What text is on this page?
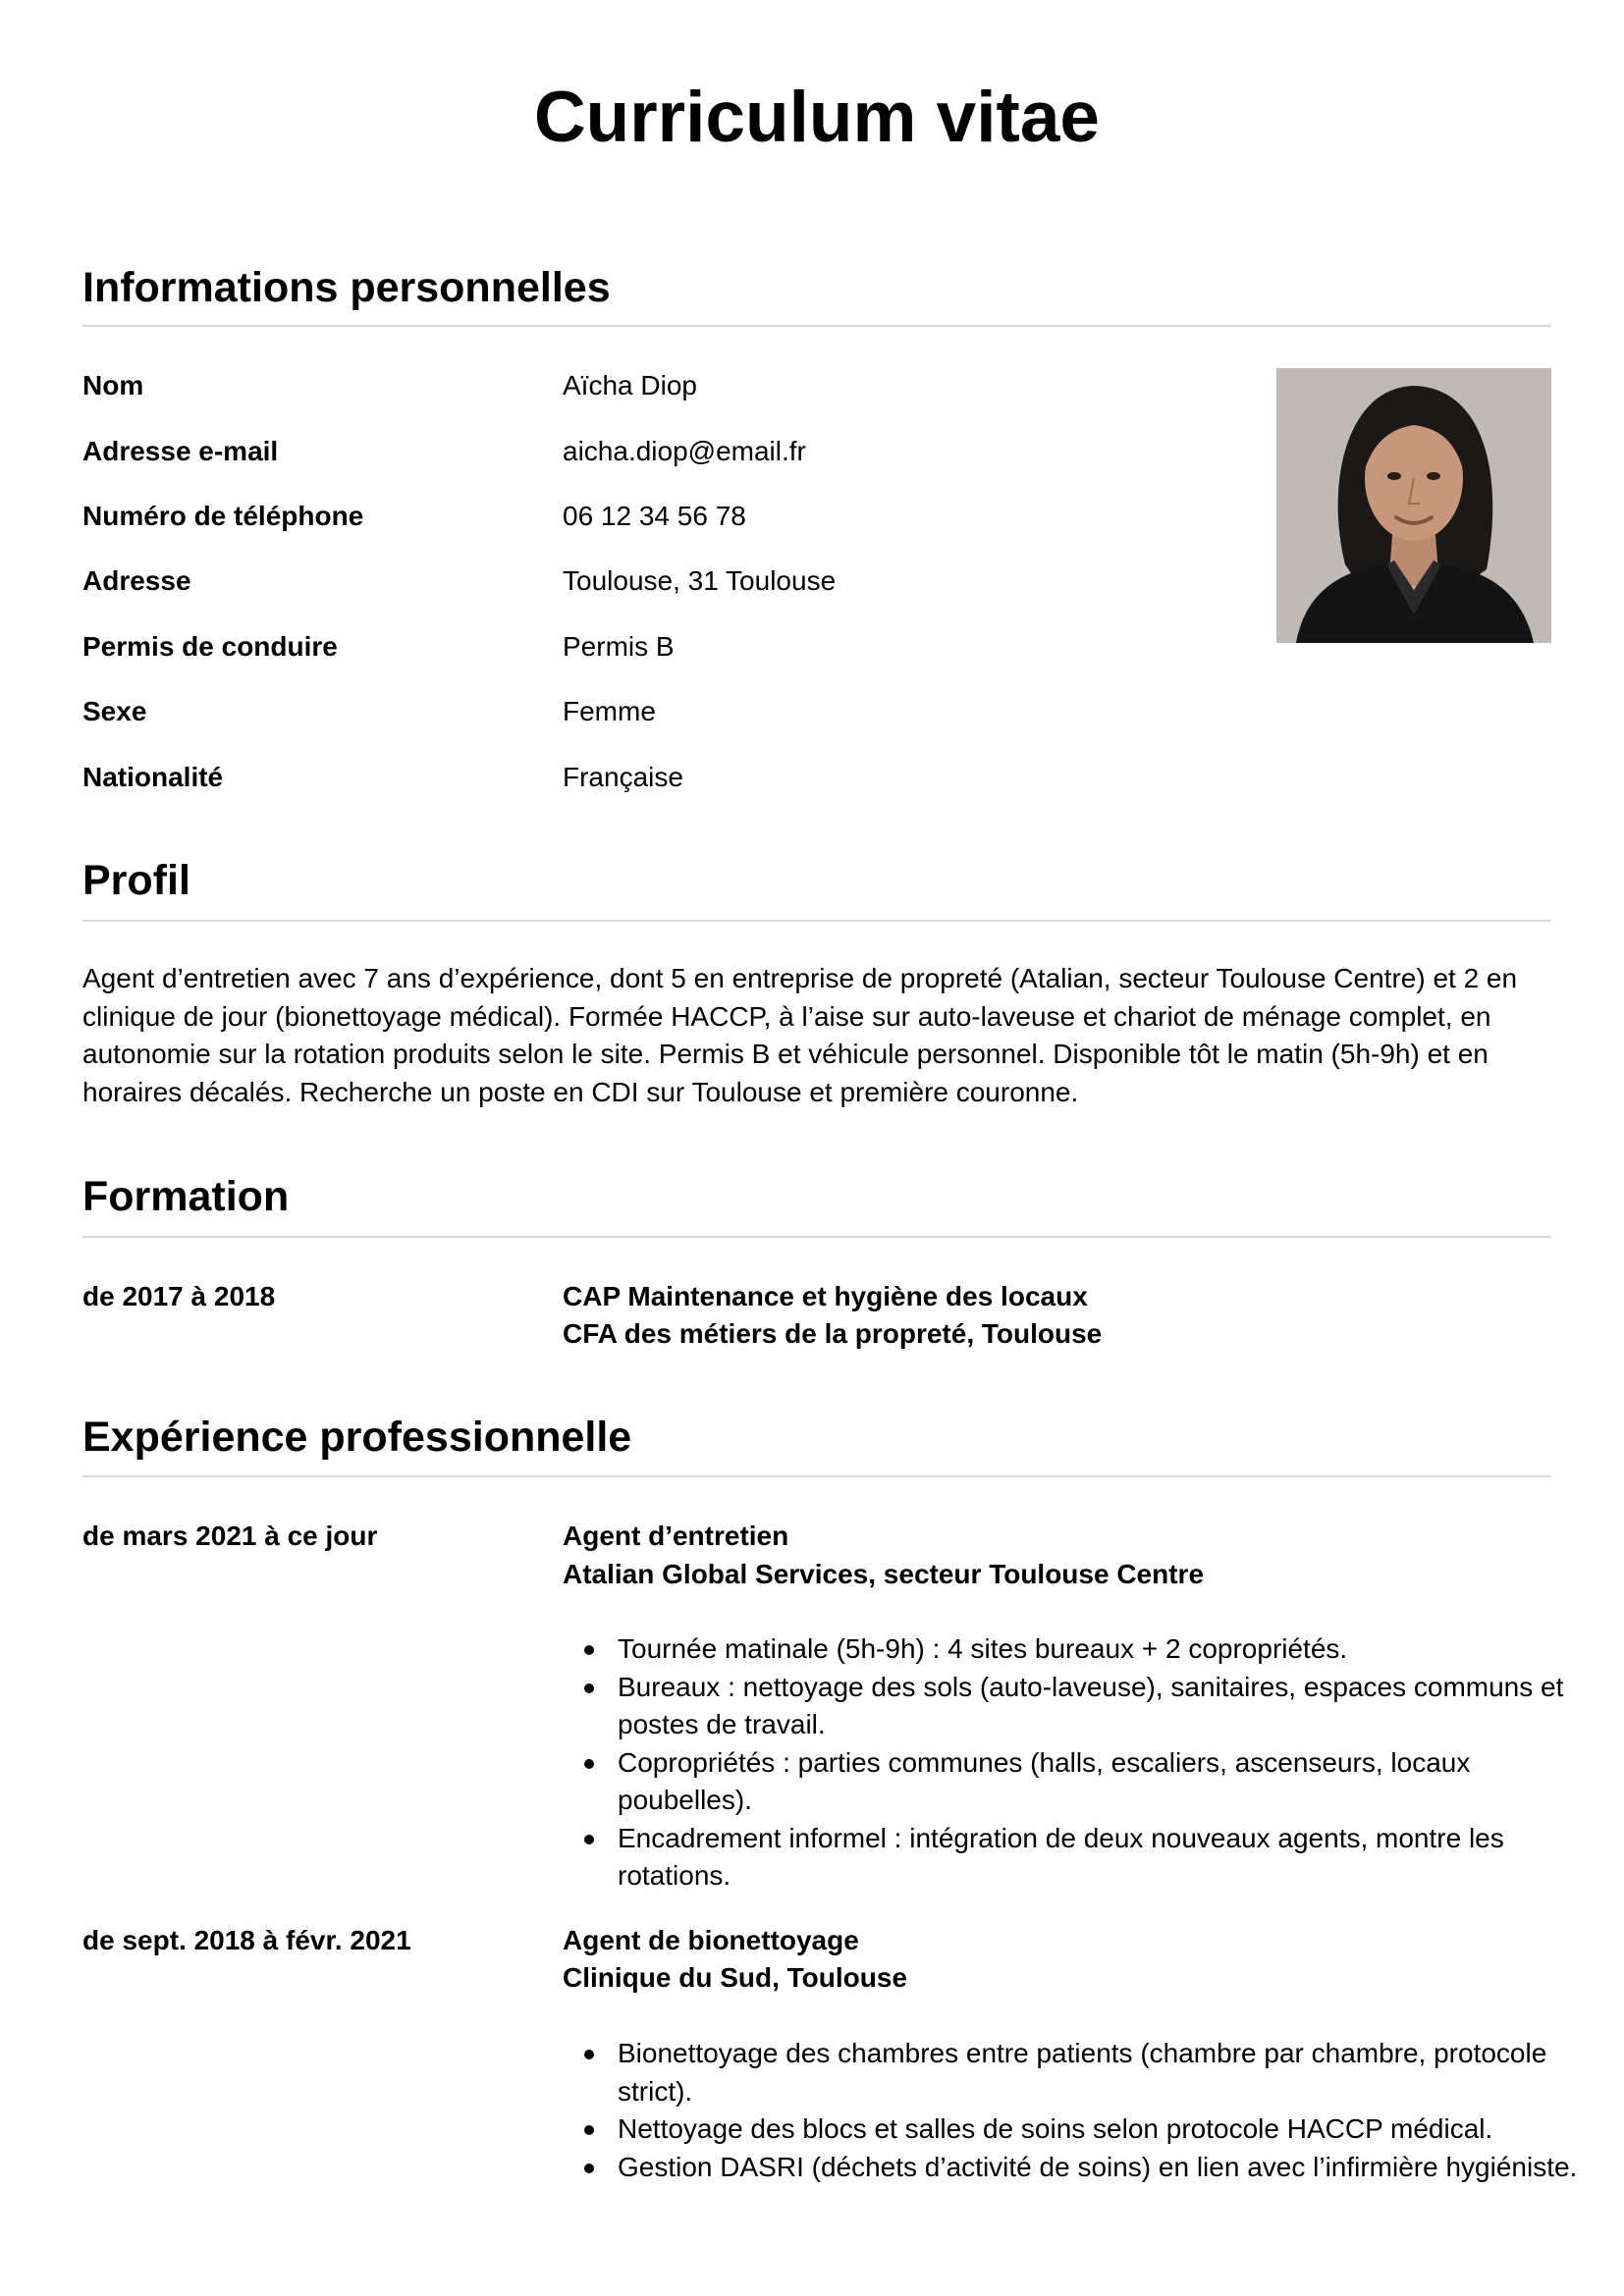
Curriculum vitae
Informations personnelles
Nom	Aïcha Diop
Adresse e-mail	aicha.diop@email.fr
Numéro de téléphone	06 12 34 56 78
Adresse	Toulouse, 31 Toulouse
Permis de conduire	Permis B
Sexe	Femme
Nationalité	Française
Profil
Agent d’entretien avec 7 ans d’expérience, dont 5 en entreprise de propreté (Atalian, secteur Toulouse Centre) et 2 en clinique de jour (bionettoyage médical). Formée HACCP, à l’aise sur auto-laveuse et chariot de ménage complet, en autonomie sur la rotation produits selon le site. Permis B et véhicule personnel. Disponible tôt le matin (5h-9h) et en horaires décalés. Recherche un poste en CDI sur Toulouse et première couronne.
Formation
de 2017 à 2018	CAP Maintenance et hygiène des locaux
CFA des métiers de la propreté, Toulouse
Expérience professionnelle
de mars 2021 à ce jour	Agent d’entretien
Atalian Global Services, secteur Toulouse Centre
Tournée matinale (5h-9h) : 4 sites bureaux + 2 copropriétés.
Bureaux : nettoyage des sols (auto-laveuse), sanitaires, espaces communs et postes de travail.
Copropriétés : parties communes (halls, escaliers, ascenseurs, locaux poubelles).
Encadrement informel : intégration de deux nouveaux agents, montre les rotations.
de sept. 2018 à févr. 2021	Agent de bionettoyage
Clinique du Sud, Toulouse
Bionettoyage des chambres entre patients (chambre par chambre, protocole strict).
Nettoyage des blocs et salles de soins selon protocole HACCP médical.
Gestion DASRI (déchets d’activité de soins) en lien avec l’infirmière hygiéniste.
